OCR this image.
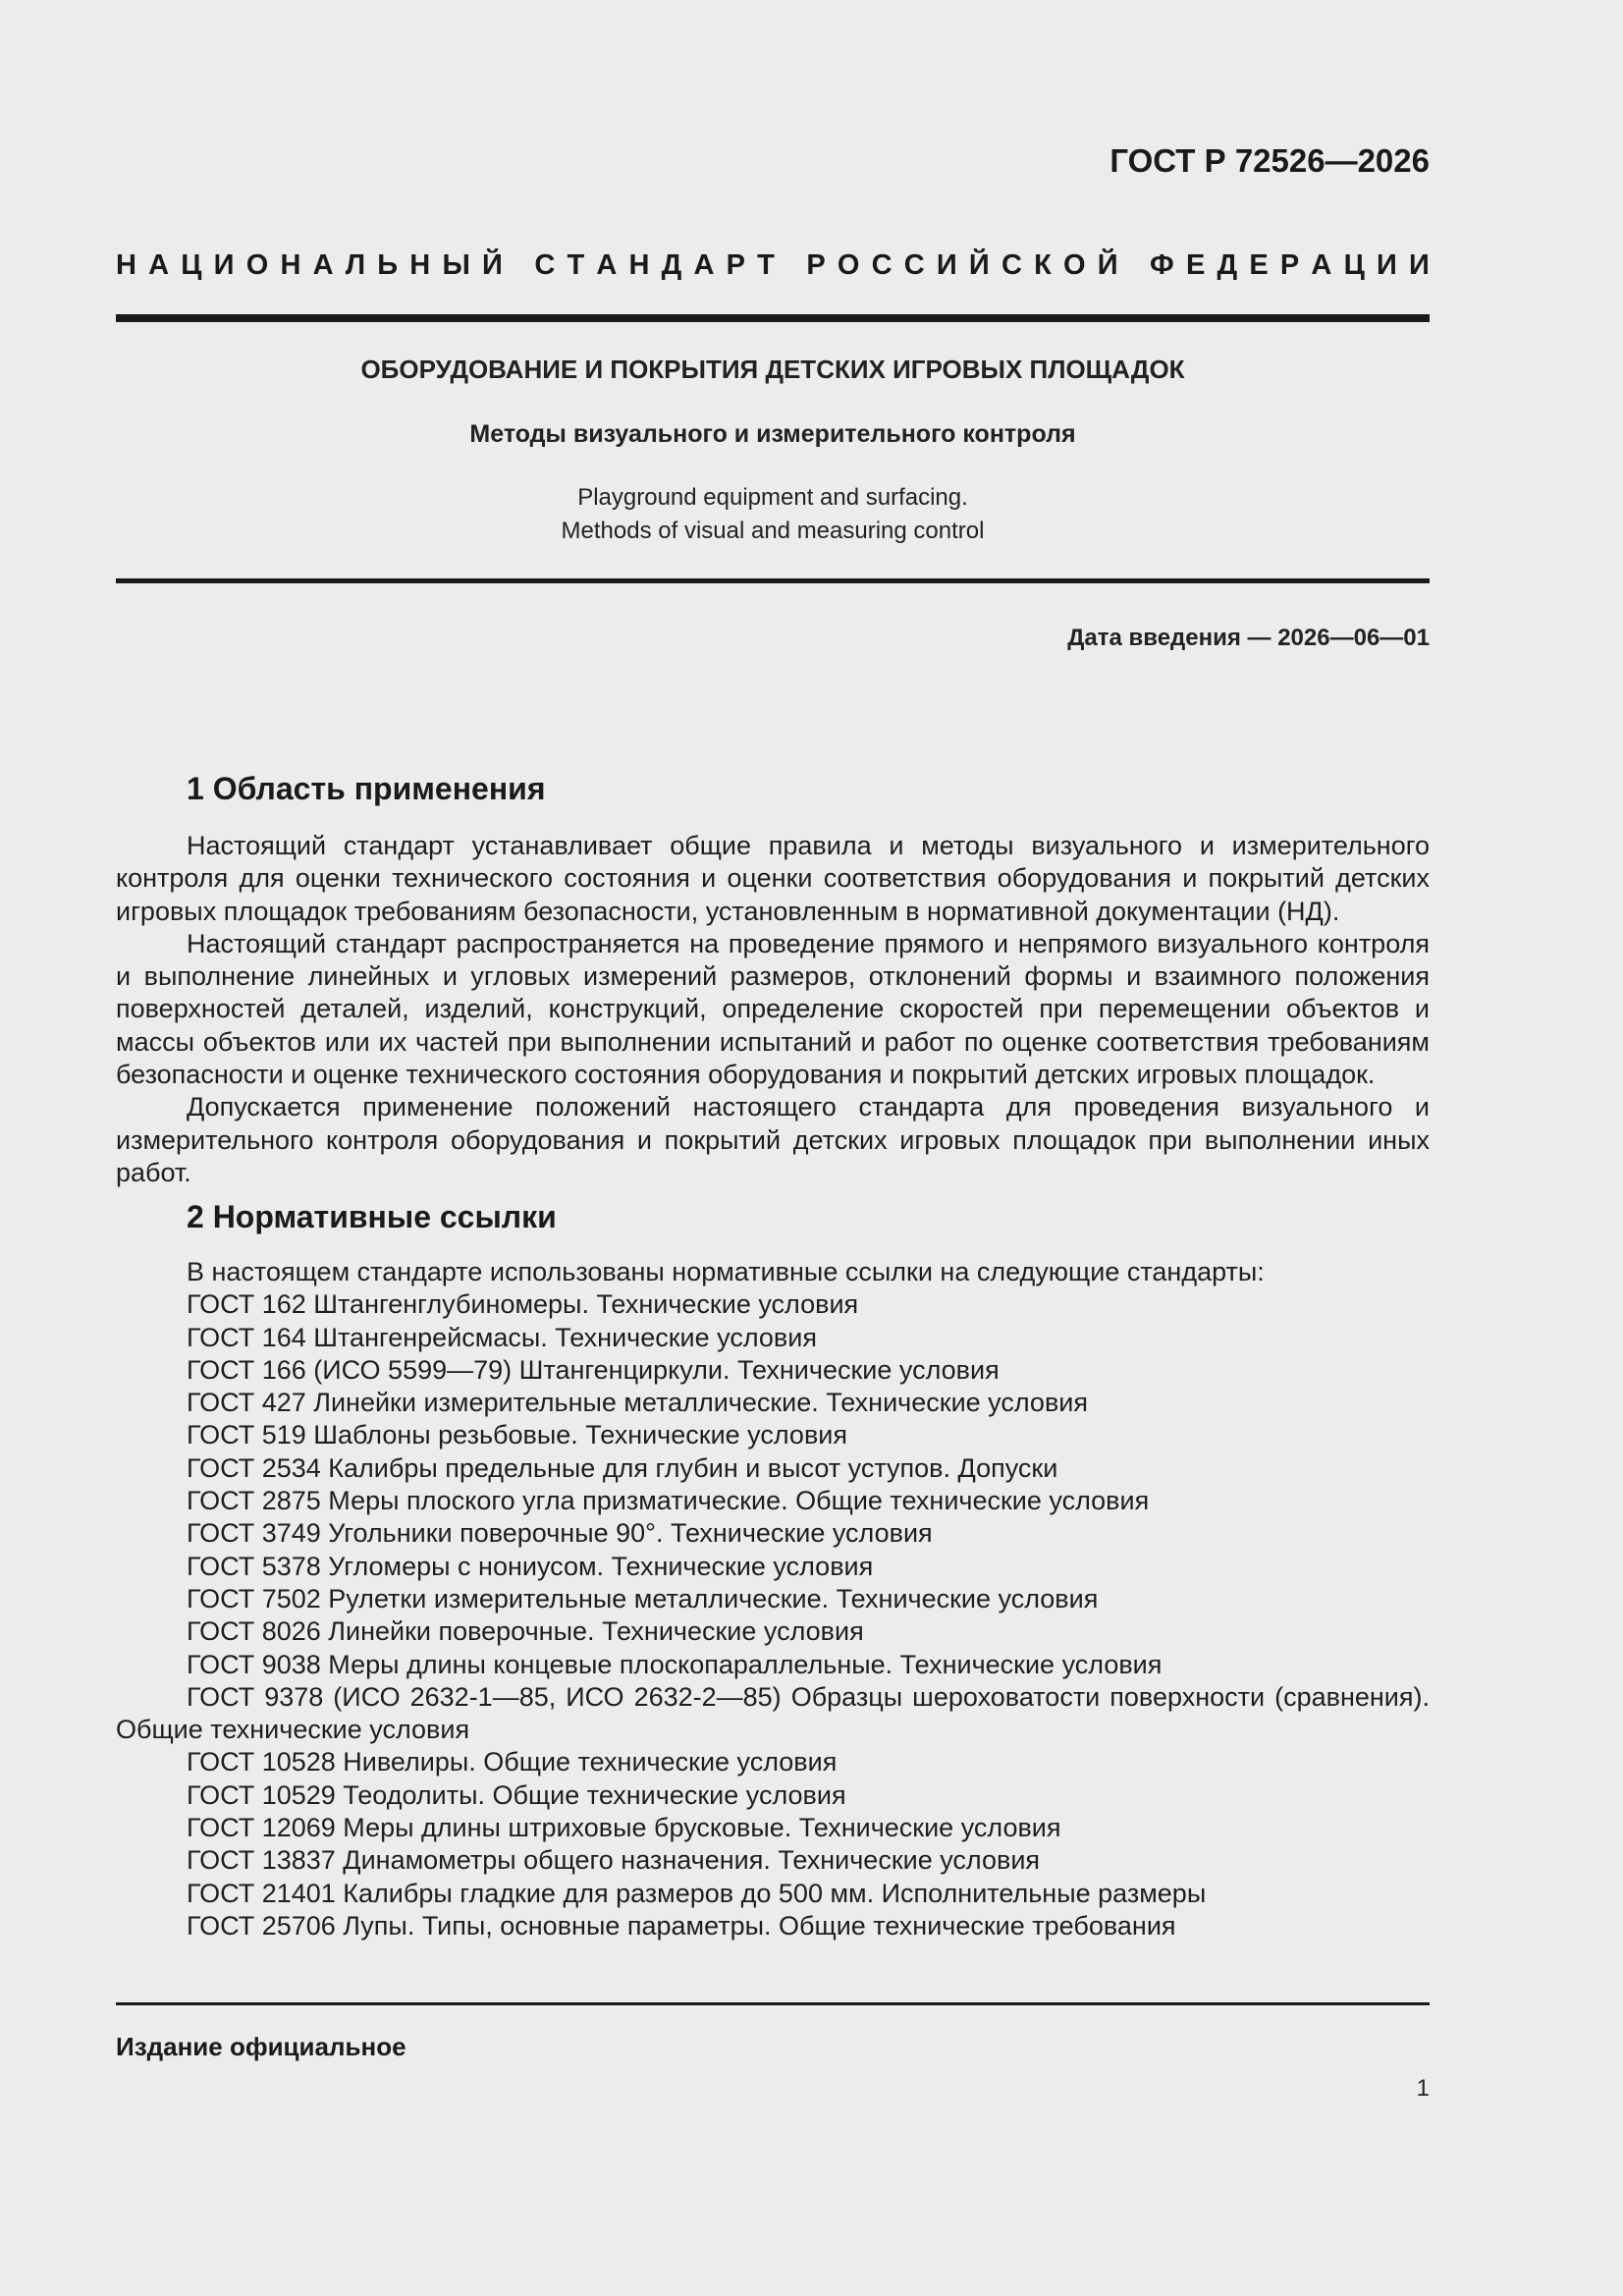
ГОСТ Р 72526—2026
Н А Ц И О Н А Л Ь Н Ы Й
С Т А Н Д А Р Т
Р О С С И Й С К О Й
Ф Е Д Е Р А Ц И И
ОБОРУДОВАНИЕ И ПОКРЫТИЯ ДЕТСКИХ ИГРОВЫХ ПЛОЩАДОК
Методы визуального и измерительного контроля
Playground equipment and surfacing.
Methods of visual and measuring control
Дата введения — 2026—06—01
1 Область применения

Настоящий стандарт устанавливает общие правила и методы визуального и измерительного контроля для оценки технического состояния и оценки соответствия оборудования и покрытий детских игровых площадок требованиям безопасности, установленным в нормативной документации (НД).

Настоящий стандарт распространяется на проведение прямого и непрямого визуального контроля и выполнение линейных и угловых измерений размеров, отклонений формы и взаимного положения поверхностей деталей, изделий, конструкций, определение скоростей при перемещении объектов и массы объектов или их частей при выполнении испытаний и работ по оценке соответствия требованиям безопасности и оценке технического состояния оборудования и покрытий детских игровых площадок.

Допускается применение положений настоящего стандарта для проведения визуального и измерительного контроля оборудования и покрытий детских игровых площадок при выполнении иных работ.

2 Нормативные ссылки

В настоящем стандарте использованы нормативные ссылки на следующие стандарты:

ГОСТ 162 Штангенглубиномеры. Технические условия

ГОСТ 164 Штангенрейсмасы. Технические условия

ГОСТ 166 (ИСО 5599—79) Штангенциркули. Технические условия

ГОСТ 427 Линейки измерительные металлические. Технические условия

ГОСТ 519 Шаблоны резьбовые. Технические условия

ГОСТ 2534 Калибры предельные для глубин и высот уступов. Допуски

ГОСТ 2875 Меры плоского угла призматические. Общие технические условия

ГОСТ 3749 Угольники поверочные 90°. Технические условия

ГОСТ 5378 Угломеры с нониусом. Технические условия

ГОСТ 7502 Рулетки измерительные металлические. Технические условия

ГОСТ 8026 Линейки поверочные. Технические условия

ГОСТ 9038 Меры длины концевые плоскопараллельные. Технические условия

ГОСТ 9378 (ИСО 2632-1—85, ИСО 2632-2—85) Образцы шероховатости поверхности (сравнения). Общие технические условия

ГОСТ 10528 Нивелиры. Общие технические условия

ГОСТ 10529 Теодолиты. Общие технические условия

ГОСТ 12069 Меры длины штриховые брусковые. Технические условия

ГОСТ 13837 Динамометры общего назначения. Технические условия

ГОСТ 21401 Калибры гладкие для размеров до 500 мм. Исполнительные размеры

ГОСТ 25706 Лупы. Типы, основные параметры. Общие технические требования

Издание официальное
1
